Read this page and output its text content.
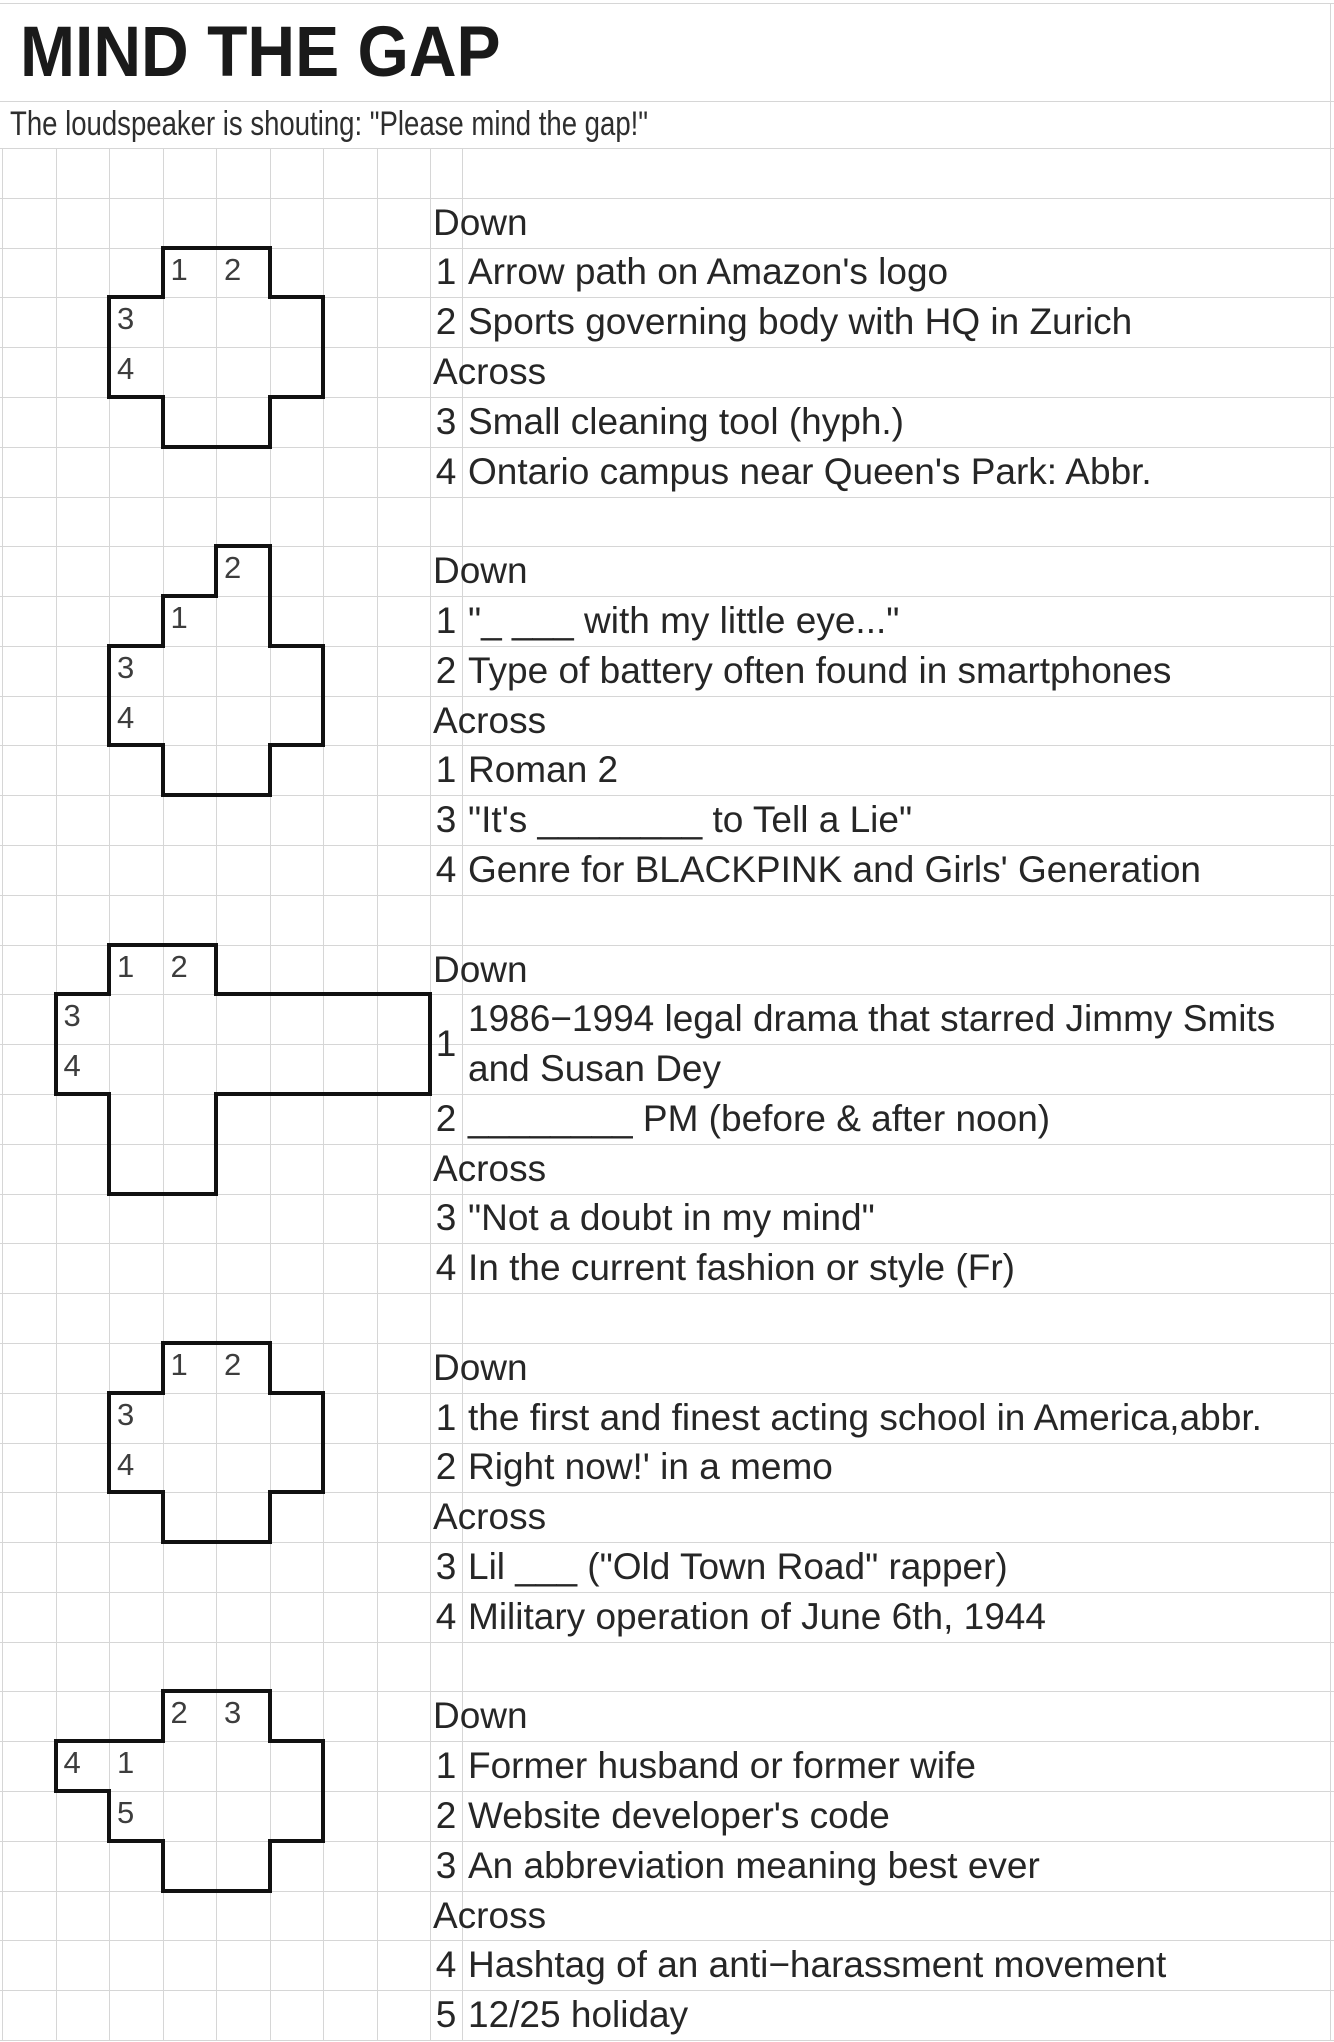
MIND THE GAP
The loudspeaker is shouting: "Please mind the gap!"
1 2
3
4
Down
1 Arrow path on Amazon's logo
2 Sports governing body with HQ in Zurich
Across
3 Small cleaning tool (hyph.)
4 Ontario campus near Queen's Park: Abbr.
2
1
3
4
Down
1 "_ ___ with my little eye..."
2 Type of battery often found in smartphones
Across
1 Roman 2
3 "It's ________ to Tell a Lie"
4 Genre for BLACKPINK and Girls' Generation
1 2
3
4
Down
1
1986−1994 legal drama that starred Jimmy Smits
and Susan Dey
2 ________ PM (before & after noon)
Across
3 "Not a doubt in my mind"
4 In the current fashion or style (Fr)
1 2
3
4
Down
1 the first and finest acting school in America,abbr.
2 Right now!' in a memo
Across
3 Lil ___ ("Old Town Road" rapper)
4 Military operation of June 6th, 1944
2 3
4 1
5
Down
1 Former husband or former wife
2 Website developer's code
3 An abbreviation meaning best ever
Across
4 Hashtag of an anti−harassment movement
5 12/25 holiday
